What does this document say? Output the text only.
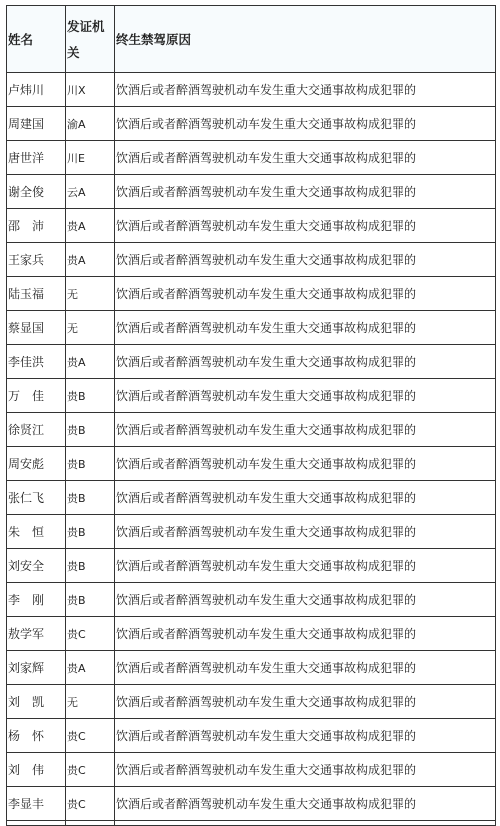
姓名	发证机关	终生禁驾原因
卢炜川	川X	饮酒后或者醉酒驾驶机动车发生重大交通事故构成犯罪的
周建国	渝A	饮酒后或者醉酒驾驶机动车发生重大交通事故构成犯罪的
唐世洋	川E	饮酒后或者醉酒驾驶机动车发生重大交通事故构成犯罪的
谢全俊	云A	饮酒后或者醉酒驾驶机动车发生重大交通事故构成犯罪的
邵　沛	贵A	饮酒后或者醉酒驾驶机动车发生重大交通事故构成犯罪的
王家兵	贵A	饮酒后或者醉酒驾驶机动车发生重大交通事故构成犯罪的
陆玉福	无	饮酒后或者醉酒驾驶机动车发生重大交通事故构成犯罪的
蔡显国	无	饮酒后或者醉酒驾驶机动车发生重大交通事故构成犯罪的
李佳洪	贵A	饮酒后或者醉酒驾驶机动车发生重大交通事故构成犯罪的
万　佳	贵B	饮酒后或者醉酒驾驶机动车发生重大交通事故构成犯罪的
徐贤江	贵B	饮酒后或者醉酒驾驶机动车发生重大交通事故构成犯罪的
周安彪	贵B	饮酒后或者醉酒驾驶机动车发生重大交通事故构成犯罪的
张仁飞	贵B	饮酒后或者醉酒驾驶机动车发生重大交通事故构成犯罪的
朱　恒	贵B	饮酒后或者醉酒驾驶机动车发生重大交通事故构成犯罪的
刘安全	贵B	饮酒后或者醉酒驾驶机动车发生重大交通事故构成犯罪的
李　刚	贵B	饮酒后或者醉酒驾驶机动车发生重大交通事故构成犯罪的
敖学军	贵C	饮酒后或者醉酒驾驶机动车发生重大交通事故构成犯罪的
刘家辉	贵A	饮酒后或者醉酒驾驶机动车发生重大交通事故构成犯罪的
刘　凯	无	饮酒后或者醉酒驾驶机动车发生重大交通事故构成犯罪的
杨　怀	贵C	饮酒后或者醉酒驾驶机动车发生重大交通事故构成犯罪的
刘　伟	贵C	饮酒后或者醉酒驾驶机动车发生重大交通事故构成犯罪的
李显丰	贵C	饮酒后或者醉酒驾驶机动车发生重大交通事故构成犯罪的
